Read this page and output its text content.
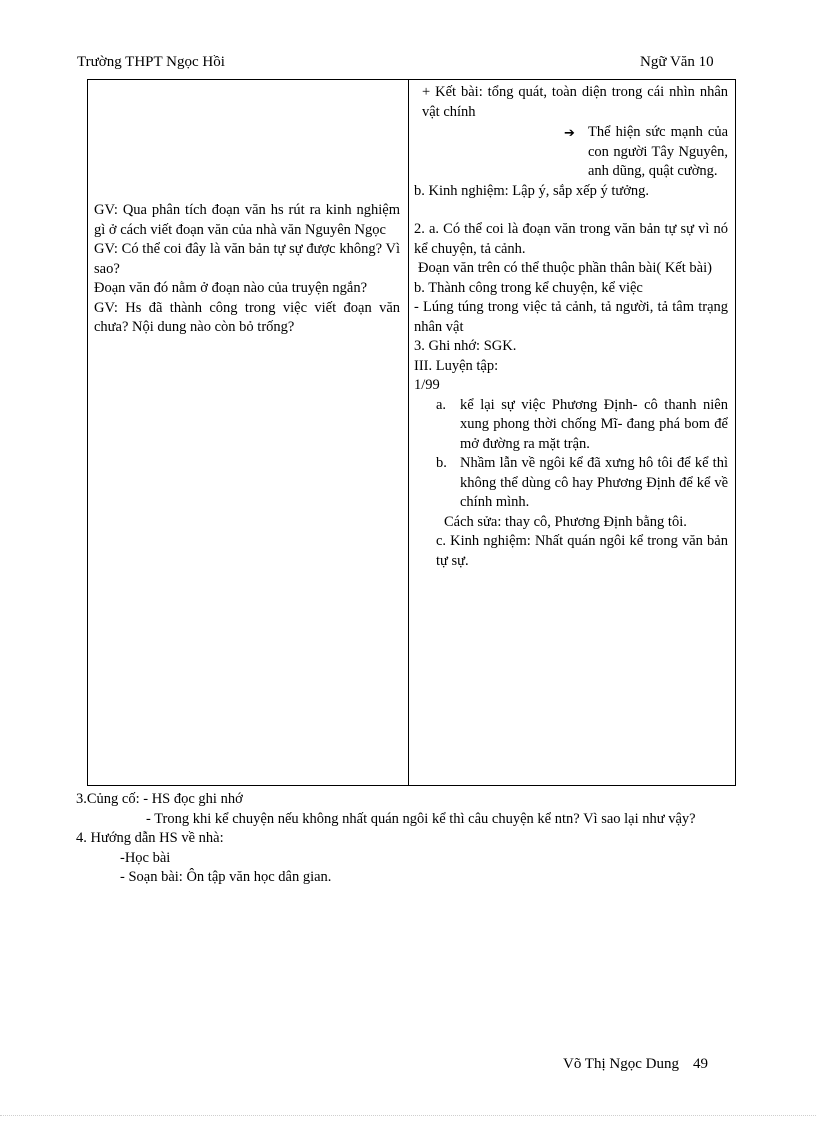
Trường THPT Ngọc Hồi	Ngữ Văn 10

GV: Qua phân tích đoạn văn hs rút ra kinh nghiệm gì ở cách viết đoạn văn của nhà văn Nguyên Ngọc

GV: Có thể coi đây là văn bản tự sự được không? Vì sao?

Đoạn văn đó nằm ở đoạn nào của truyện ngắn?

GV: Hs đã thành công trong việc viết đoạn văn chưa? Nội dung nào còn bỏ trống?

+ Kết bài: tổng quát, toàn diện trong cái nhìn nhân vật chính

➔ Thể hiện sức mạnh của con người Tây Nguyên, anh dũng, quật cường.

b. Kinh nghiệm: Lập ý, sắp xếp ý tưởng.

2. a. Có thể coi là đoạn văn trong văn bản tự sự vì nó kể chuyện, tả cảnh.

Đoạn văn trên có thể thuộc phần thân bài( Kết bài)

b. Thành công trong kể chuyện, kể việc

- Lúng túng trong việc tả cảnh, tả người, tả tâm trạng nhân vật

3. Ghi nhớ: SGK.

III. Luyện tập:

1/99

a. kể lại sự việc Phương Định- cô thanh niên xung phong thời chống Mĩ- đang phá bom để mở đường ra mặt trận.
b. Nhầm lẫn về ngôi kể đã xưng hô tôi để kể thì không thể dùng cô hay Phương Định để kể về chính mình.

Cách sửa: thay cô, Phương Định bằng tôi.

c. Kinh nghiệm: Nhất quán ngôi kể trong văn bản tự sự.

3.Củng cố: - HS đọc ghi nhớ

- Trong khi kể chuyện nếu không nhất quán ngôi kể thì câu chuyện kể ntn? Vì sao lại như vậy?

4. Hướng dẫn HS về nhà:

-Học bài

- Soạn bài: Ôn tập văn học dân gian.

Võ Thị Ngọc Dung 49
